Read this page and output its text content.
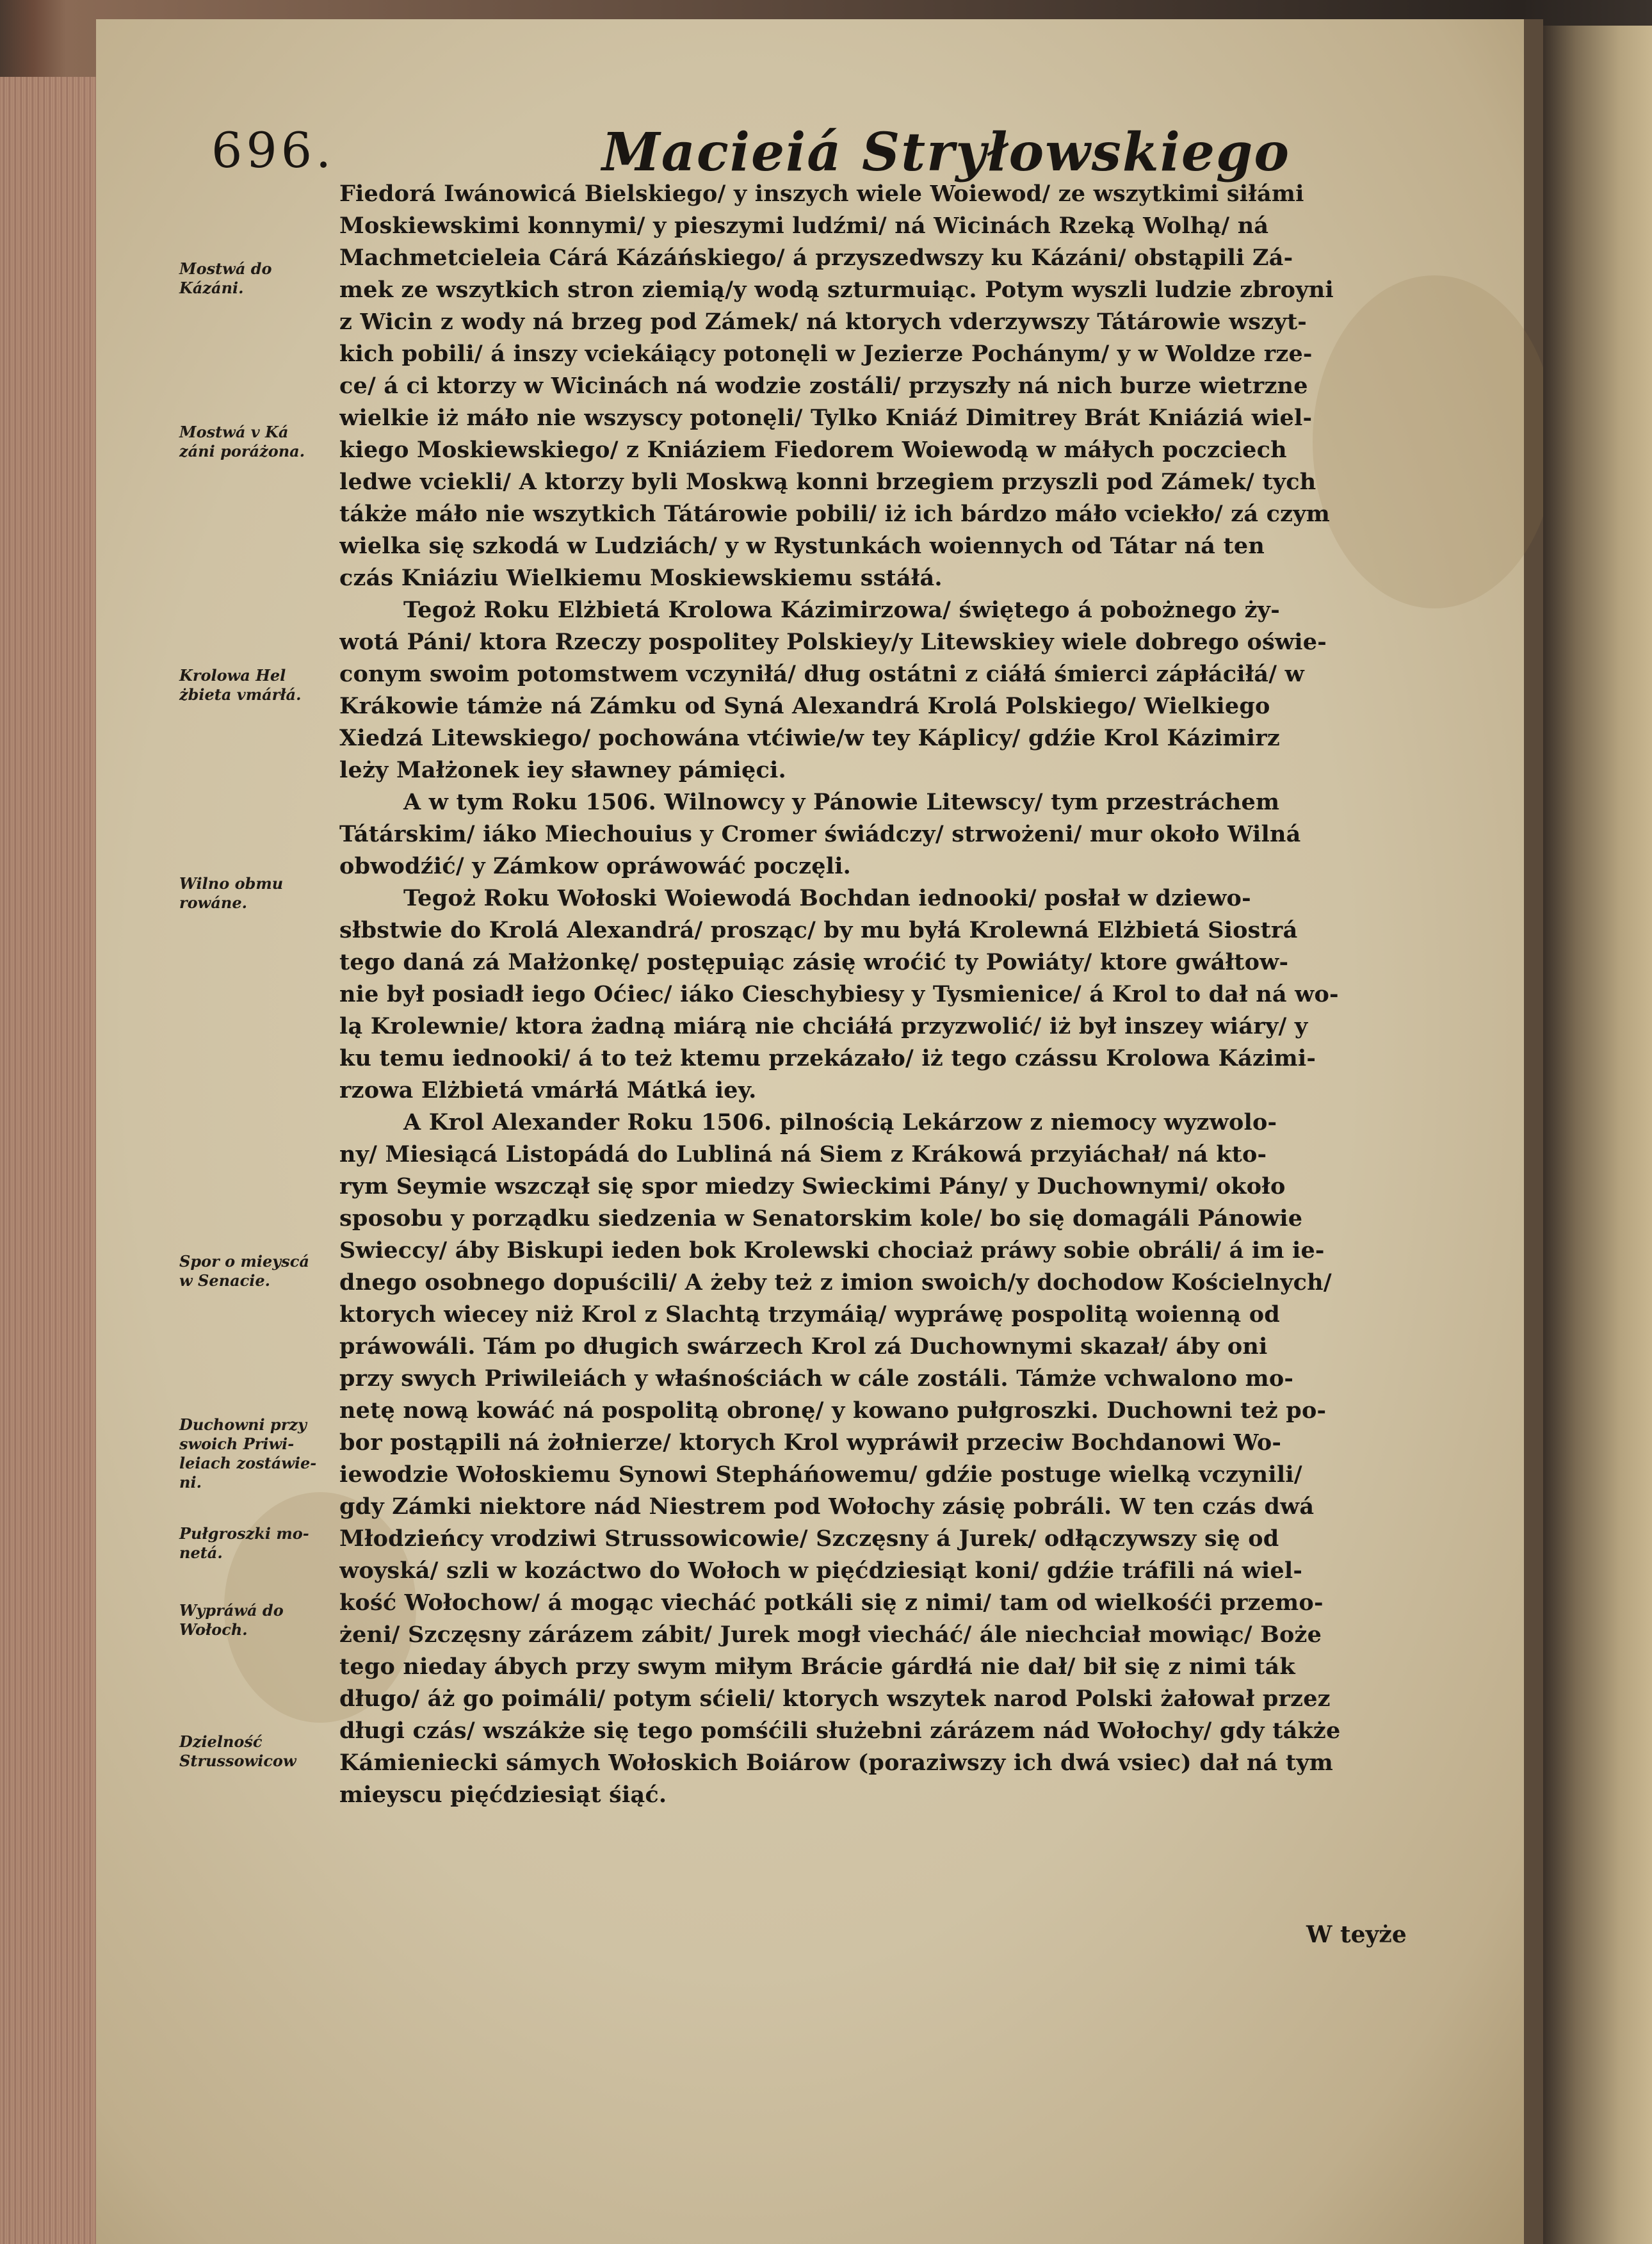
696.	Macieiá Stryłowskiego
Mostwá do
Kázáni.
Mostwá v Ká
záni poráżona.
Krolowa Hel
żbieta vmárłá.
Wilno obmu
rowáne.
Spor o mieyscá
w Senacie.
Duchowni przy
swoich Priwi-
leiach zostáwie-
ni.
Pułgroszki mo-
netá.
Wypráwá do
Wołoch.
Dzielność
Strussowicow
Fiedorá Iwánowicá Bielskiego/ y inszych wiele Woiewod/ ze wszytkimi siłámi
Moskiewskimi konnymi/ y pieszymi ludźmi/ ná Wicinách Rzeką Wolhą/ ná
Machmetcieleia Cárá Kázáńskiego/ á przyszedwszy ku Kázáni/ obstąpili Zá-
mek ze wszytkich stron ziemią/y wodą szturmuiąc. Potym wyszli ludzie zbroyni
z Wicin z wody ná brzeg pod Zámek/ ná ktorych vderzywszy Tátárowie wszyt-
kich pobili/ á inszy vciekáiący potonęli w Jezierze Pochánym/ y w Woldze rze-
ce/ á ci ktorzy w Wicinách ná wodzie zostáli/ przyszły ná nich burze wietrzne
wielkie iż máło nie wszyscy potonęli/ Tylko Kniáź Dimitrey Brát Kniáziá wiel-
kiego Moskiewskiego/ z Kniáziem Fiedorem Woiewodą w máłych poczciech
ledwe vciekli/ A ktorzy byli Moskwą konni brzegiem przyszli pod Zámek/ tych
tákże máło nie wszytkich Tátárowie pobili/ iż ich bárdzo máło vciekło/ zá czym
wielka się szkodá w Ludziách/ y w Rystunkách woiennych od Tátar ná ten
czás Kniáziu Wielkiemu Moskiewskiemu sstáłá.
Tegoż Roku Elżbietá Krolowa Kázimirzowa/ świętego á pobożnego ży-
wotá Páni/ ktora Rzeczy pospolitey Polskiey/y Litewskiey wiele dobrego oświe-
conym swoim potomstwem vczyniłá/ dług ostátni z ciáłá śmierci zápłáciłá/ w
Krákowie támże ná Zámku od Syná Alexandrá Krolá Polskiego/ Wielkiego
Xiedzá Litewskiego/ pochowána vtćiwie/w tey Káplicy/ gdźie Krol Kázimirz
leży Małżonek iey sławney pámięci.
A w tym Roku 1506. Wilnowcy y Pánowie Litewscy/ tym przestráchem
Tátárskim/ iáko Miechouius y Cromer świádczy/ strwożeni/ mur około Wilná
obwodźić/ y Zámkow opráwowáć poczęli.
Tegoż Roku Wołoski Woiewodá Bochdan iednooki/ posłał w dziewo-
słbstwie do Krolá Alexandrá/ prosząc/ by mu byłá Krolewná Elżbietá Siostrá
tego daná zá Małżonkę/ postępuiąc zásię wroćić ty Powiáty/ ktore gwáłtow-
nie był posiadł iego Oćiec/ iáko Cieschybiesy y Tysmienice/ á Krol to dał ná wo-
lą Krolewnie/ ktora żadną miárą nie chciáłá przyzwolić/ iż był inszey wiáry/ y
ku temu iednooki/ á to też ktemu przekázało/ iż tego czássu Krolowa Kázimi-
rzowa Elżbietá vmárłá Mátká iey.
A Krol Alexander Roku 1506. pilnością Lekárzow z niemocy wyzwolo-
ny/ Miesiącá Listopádá do Lubliná ná Siem z Krákowá przyiáchał/ ná kto-
rym Seymie wszczął się spor miedzy Swieckimi Pány/ y Duchownymi/ około
sposobu y porządku siedzenia w Senatorskim kole/ bo się domagáli Pánowie
Swieccy/ áby Biskupi ieden bok Krolewski chociaż práwy sobie obráli/ á im ie-
dnego osobnego dopuścili/ A żeby też z imion swoich/y dochodow Kościelnych/
ktorych wiecey niż Krol z Slachtą trzymáią/ wypráwę pospolitą woienną od
práwowáli. Tám po długich swárzech Krol zá Duchownymi skazał/ áby oni
przy swych Priwileiách y właśnościách w cále zostáli. Támże vchwalono mo-
netę nową kowáć ná pospolitą obronę/ y kowano pułgroszki. Duchowni też po-
bor postąpili ná żołnierze/ ktorych Krol wypráwił przeciw Bochdanowi Wo-
iewodzie Wołoskiemu Synowi Stepháńowemu/ gdźie postuge wielką vczynili/
gdy Zámki niektore nád Niestrem pod Wołochy zásię pobráli. W ten czás dwá
Młodzieńcy vrodziwi Strussowicowie/ Szczęsny á Jurek/ odłączywszy się od
woyská/ szli w kozáctwo do Wołoch w pięćdziesiąt koni/ gdźie tráfili ná wiel-
kość Wołochow/ á mogąc viecháć potkáli się z nimi/ tam od wielkośći przemo-
żeni/ Szczęsny zárázem zábit/ Jurek mogł viecháć/ ále niechciał mowiąc/ Boże
tego nieday ábych przy swym miłym Brácie gárdłá nie dał/ bił się z nimi ták
długo/ áż go poimáli/ potym sćieli/ ktorych wszytek narod Polski żałował przez
długi czás/ wszákże się tego pomśćili służebni zárázem nád Wołochy/ gdy tákże
Kámieniecki sámych Wołoskich Boiárow (poraziwszy ich dwá vsiec) dał ná tym
mieyscu pięćdziesiąt śiąć.
W teyże
